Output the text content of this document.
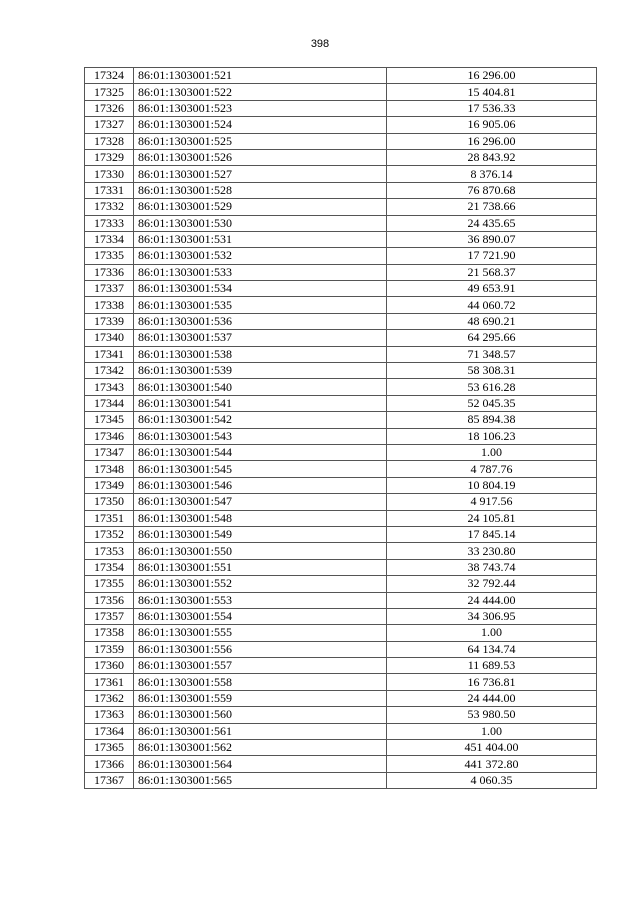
398
17324	86:01:1303001:521	16 296.00
17325	86:01:1303001:522	15 404.81
17326	86:01:1303001:523	17 536.33
17327	86:01:1303001:524	16 905.06
17328	86:01:1303001:525	16 296.00
17329	86:01:1303001:526	28 843.92
17330	86:01:1303001:527	8 376.14
17331	86:01:1303001:528	76 870.68
17332	86:01:1303001:529	21 738.66
17333	86:01:1303001:530	24 435.65
17334	86:01:1303001:531	36 890.07
17335	86:01:1303001:532	17 721.90
17336	86:01:1303001:533	21 568.37
17337	86:01:1303001:534	49 653.91
17338	86:01:1303001:535	44 060.72
17339	86:01:1303001:536	48 690.21
17340	86:01:1303001:537	64 295.66
17341	86:01:1303001:538	71 348.57
17342	86:01:1303001:539	58 308.31
17343	86:01:1303001:540	53 616.28
17344	86:01:1303001:541	52 045.35
17345	86:01:1303001:542	85 894.38
17346	86:01:1303001:543	18 106.23
17347	86:01:1303001:544	1.00
17348	86:01:1303001:545	4 787.76
17349	86:01:1303001:546	10 804.19
17350	86:01:1303001:547	4 917.56
17351	86:01:1303001:548	24 105.81
17352	86:01:1303001:549	17 845.14
17353	86:01:1303001:550	33 230.80
17354	86:01:1303001:551	38 743.74
17355	86:01:1303001:552	32 792.44
17356	86:01:1303001:553	24 444.00
17357	86:01:1303001:554	34 306.95
17358	86:01:1303001:555	1.00
17359	86:01:1303001:556	64 134.74
17360	86:01:1303001:557	11 689.53
17361	86:01:1303001:558	16 736.81
17362	86:01:1303001:559	24 444.00
17363	86:01:1303001:560	53 980.50
17364	86:01:1303001:561	1.00
17365	86:01:1303001:562	451 404.00
17366	86:01:1303001:564	441 372.80
17367	86:01:1303001:565	4 060.35
